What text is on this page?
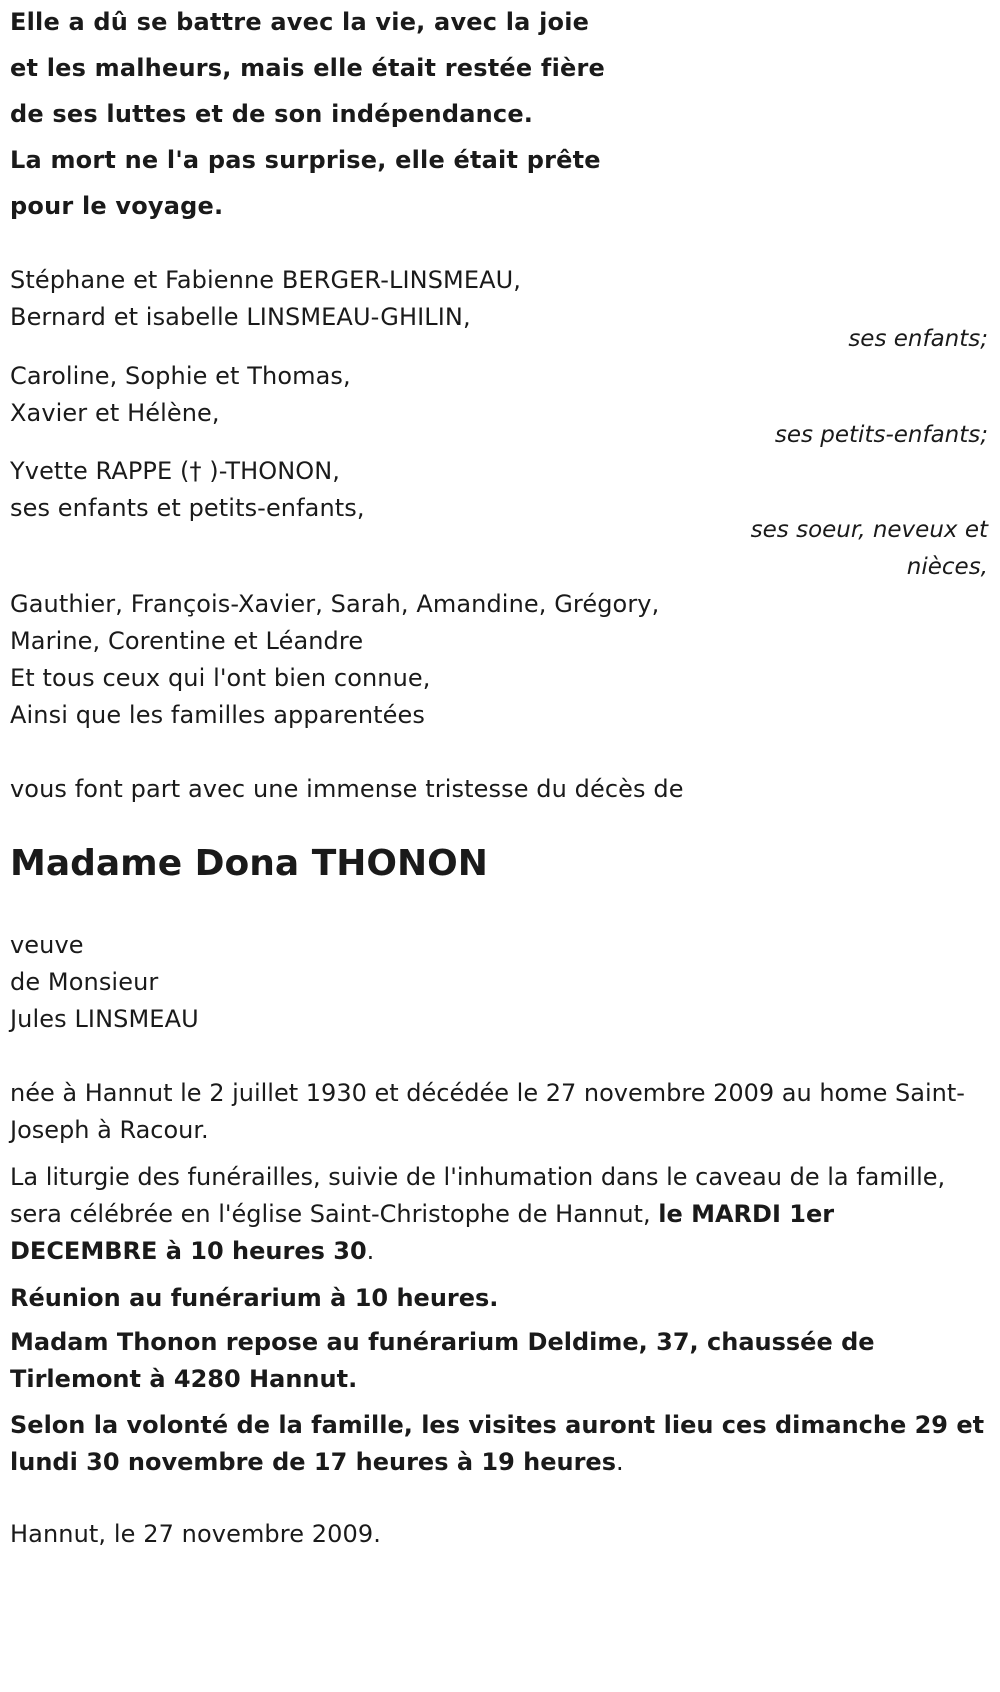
Elle a dû se battre avec la vie, avec la joie
et les malheurs, mais elle était restée fière
de ses luttes et de son indépendance.
La mort ne l'a pas surprise, elle était prête
pour le voyage.
Stéphane et Fabienne BERGER-LINSMEAU,
Bernard et isabelle LINSMEAU-GHILIN,
ses enfants;
Caroline, Sophie et Thomas,
Xavier et Hélène,
ses petits-enfants;
Yvette RAPPE († )-THONON,
ses enfants et petits-enfants,
ses soeur, neveux et
nièces,
Gauthier, François-Xavier, Sarah, Amandine, Grégory,
Marine, Corentine et Léandre
Et tous ceux qui l'ont bien connue,
Ainsi que les familles apparentées
vous font part avec une immense tristesse du décès de
Madame Dona THONON
veuve
de Monsieur
Jules LINSMEAU
née à Hannut le 2 juillet 1930 et décédée le 27 novembre 2009 au home Saint-Joseph à Racour.
La liturgie des funérailles, suivie de l'inhumation dans le caveau de la famille, sera célébrée en l'église Saint-Christophe de Hannut, le MARDI 1er DECEMBRE à 10 heures 30.
Réunion au funérarium à 10 heures.
Madam Thonon repose au funérarium Deldime, 37, chaussée de Tirlemont à 4280 Hannut.
Selon la volonté de la famille, les visites auront lieu ces dimanche 29 et lundi 30 novembre de 17 heures à 19 heures.
Hannut, le 27 novembre 2009.
